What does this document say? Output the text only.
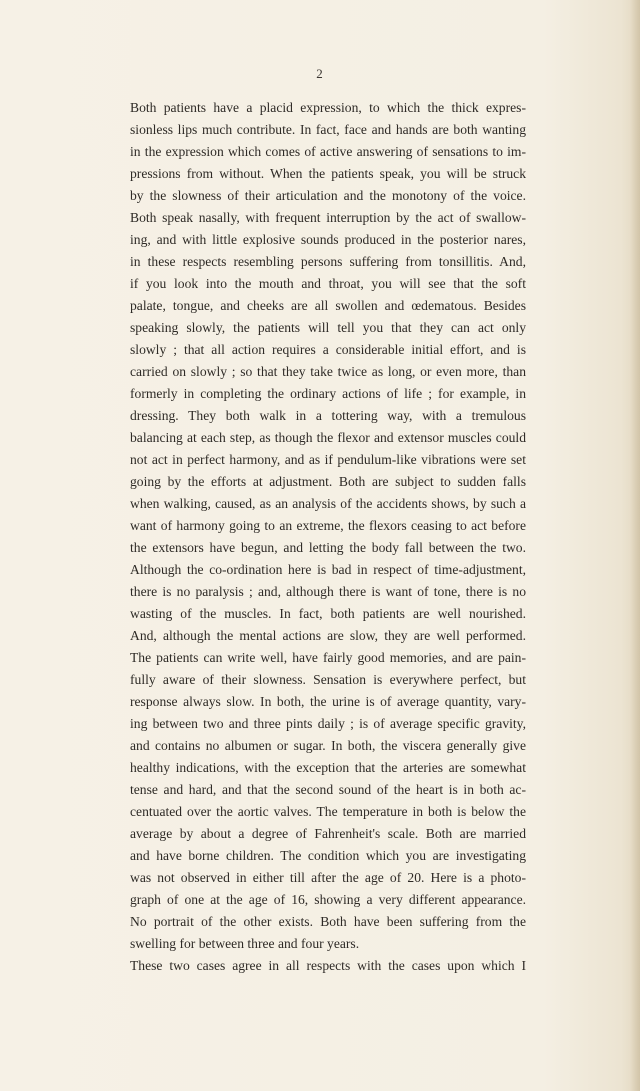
2
Both patients have a placid expression, to which the thick expres-
sionless lips much contribute. In fact, face and hands are both wanting
in the expression which comes of active answering of sensations to im-
pressions from without. When the patients speak, you will be struck
by the slowness of their articulation and the monotony of the voice.
Both speak nasally, with frequent interruption by the act of swallow-
ing, and with little explosive sounds produced in the posterior nares,
in these respects resembling persons suffering from tonsillitis. And,
if you look into the mouth and throat, you will see that the soft
palate, tongue, and cheeks are all swollen and œdematous. Besides
speaking slowly, the patients will tell you that they can act only
slowly ; that all action requires a considerable initial effort, and is
carried on slowly ; so that they take twice as long, or even more, than
formerly in completing the ordinary actions of life ; for example, in
dressing. They both walk in a tottering way, with a tremulous
balancing at each step, as though the flexor and extensor muscles could
not act in perfect harmony, and as if pendulum-like vibrations were set
going by the efforts at adjustment. Both are subject to sudden falls
when walking, caused, as an analysis of the accidents shows, by such a
want of harmony going to an extreme, the flexors ceasing to act before
the extensors have begun, and letting the body fall between the two.
Although the co-ordination here is bad in respect of time-adjustment,
there is no paralysis ; and, although there is want of tone, there is no
wasting of the muscles. In fact, both patients are well nourished.
And, although the mental actions are slow, they are well performed.
The patients can write well, have fairly good memories, and are pain-
fully aware of their slowness. Sensation is everywhere perfect, but
response always slow. In both, the urine is of average quantity, vary-
ing between two and three pints daily ; is of average specific gravity,
and contains no albumen or sugar. In both, the viscera generally give
healthy indications, with the exception that the arteries are somewhat
tense and hard, and that the second sound of the heart is in both ac-
centuated over the aortic valves. The temperature in both is below the
average by about a degree of Fahrenheit's scale. Both are married
and have borne children. The condition which you are investigating
was not observed in either till after the age of 20. Here is a photo-
graph of one at the age of 16, showing a very different appearance.
No portrait of the other exists. Both have been suffering from the
swelling for between three and four years.
These two cases agree in all respects with the cases upon which I
